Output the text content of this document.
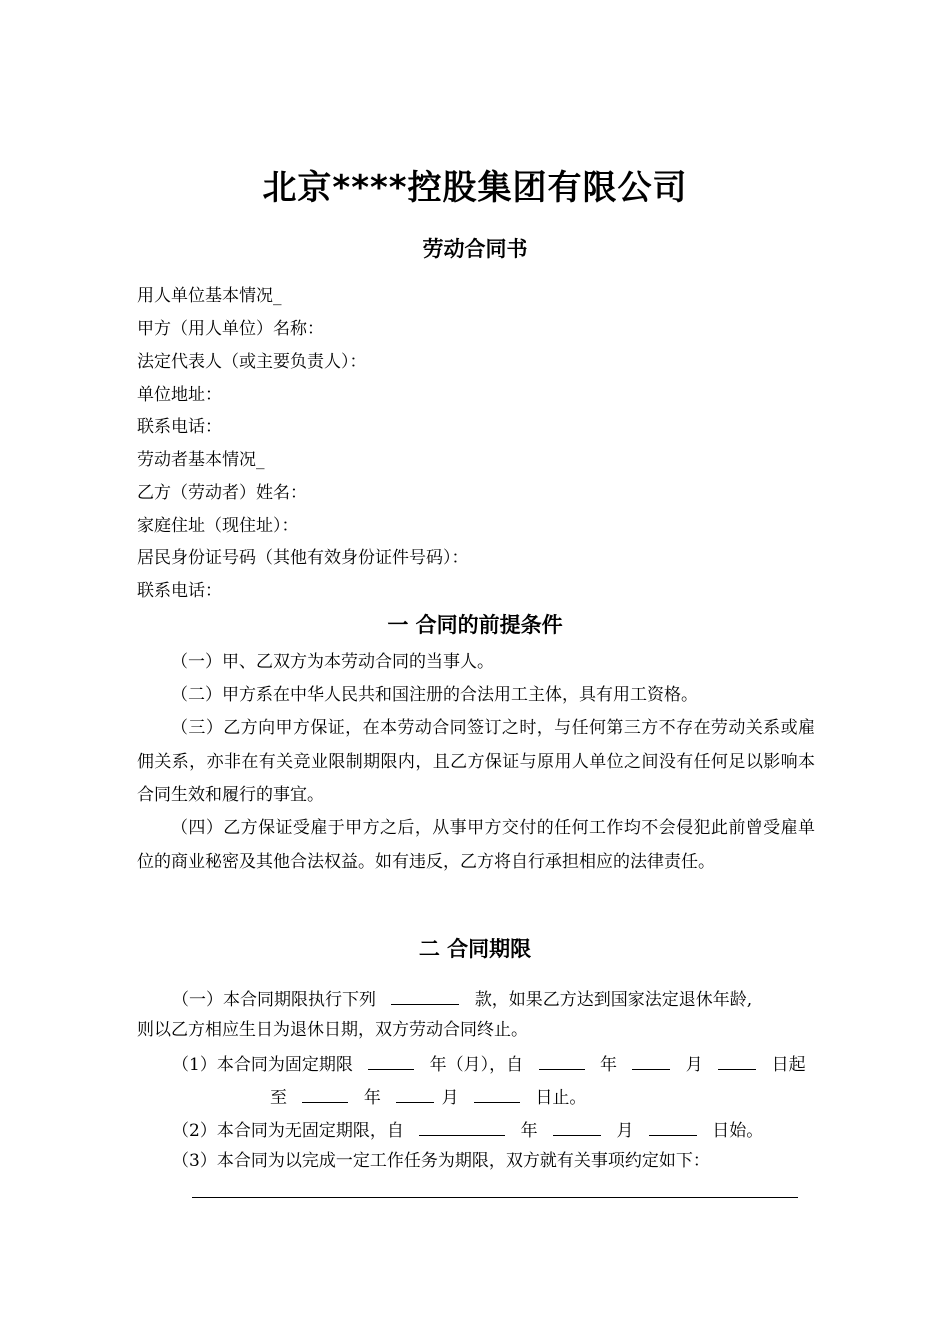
北京****控股集团有限公司
劳动合同书
用人单位基本情况_
甲方（用人单位）名称：
法定代表人（或主要负责人）：
单位地址：
联系电话：
劳动者基本情况_
乙方（劳动者）姓名：
家庭住址（现住址）：
居民身份证号码（其他有效身份证件号码）：
联系电话：
一 合同的前提条件
（一）甲、乙双方为本劳动合同的当事人。
（二）甲方系在中华人民共和国注册的合法用工主体，具有用工资格。
（三）乙方向甲方保证，在本劳动合同签订之时，与任何第三方不存在劳动关系或雇佣关系，亦非在有关竞业限制期限内，且乙方保证与原用人单位之间没有任何足以影响本合同生效和履行的事宜。
（四）乙方保证受雇于甲方之后，从事甲方交付的任何工作均不会侵犯此前曾受雇单位的商业秘密及其他合法权益。如有违反，乙方将自行承担相应的法律责任。
二 合同期限
（一）本合同期限执行下列	款，如果乙方达到国家法定退休年龄,
则以乙方相应生日为退休日期，双方劳动合同终止。
（1）本合同为固定期限	年（月），自	年	月	日起
至	年	月	日止。
（2）本合同为无固定期限，自	年	月	日始。
（3）本合同为以完成一定工作任务为期限，双方就有关事项约定如下：
